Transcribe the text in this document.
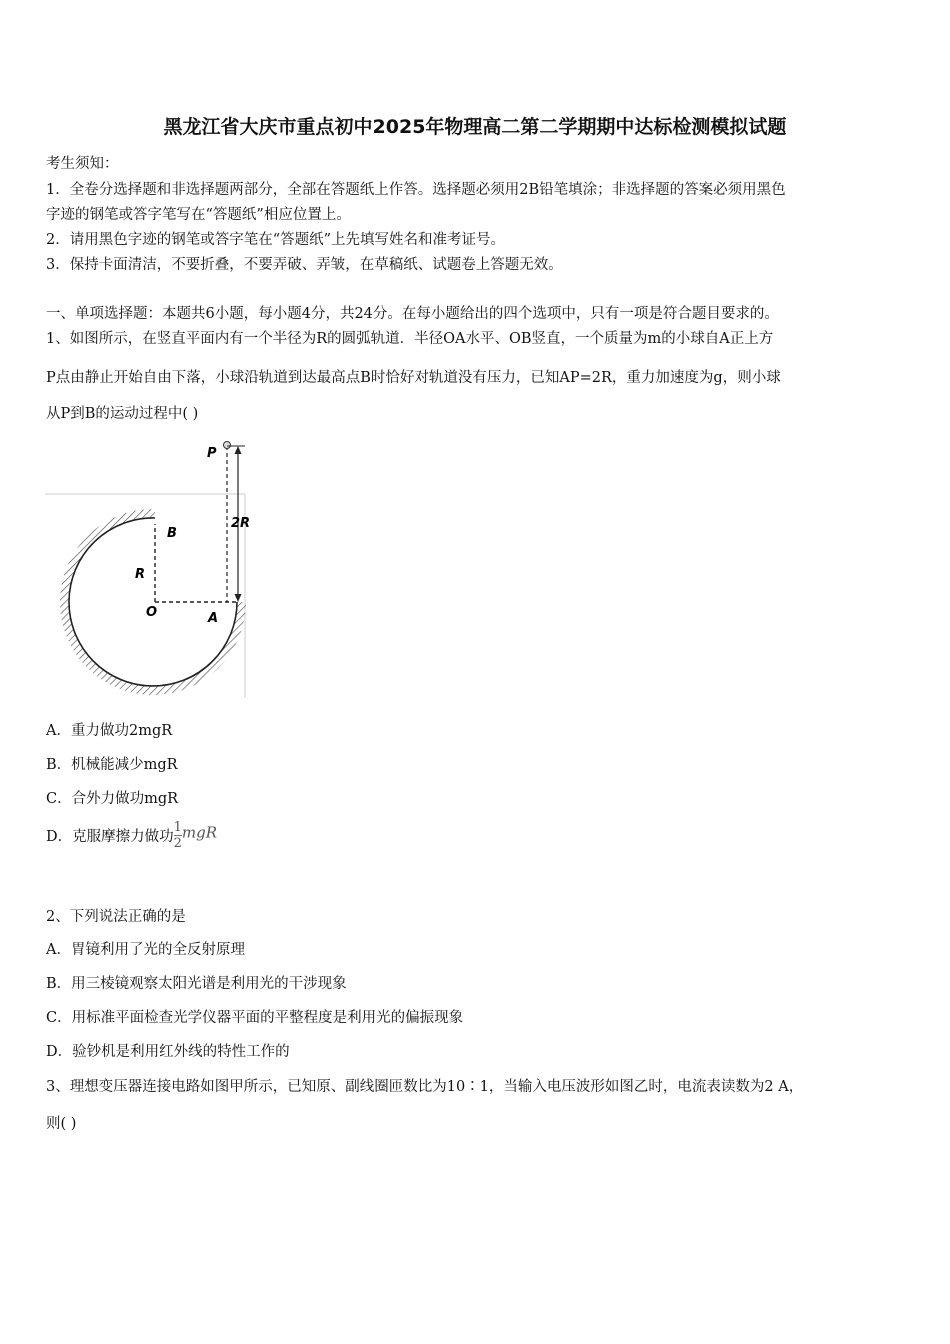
黑龙江省大庆市重点初中2025年物理高二第二学期期中达标检测模拟试题
考生须知：
1．全卷分选择题和非选择题两部分，全部在答题纸上作答。选择题必须用2B铅笔填涂；非选择题的答案必须用黑色
字迹的钢笔或答字笔写在“答题纸”相应位置上。
2．请用黑色字迹的钢笔或答字笔在“答题纸”上先填写姓名和准考证号。
3．保持卡面清洁，不要折叠，不要弄破、弄皱，在草稿纸、试题卷上答题无效。
一、单项选择题：本题共6小题，每小题4分，共24分。在每小题给出的四个选项中，只有一项是符合题目要求的。
1、如图所示，在竖直平面内有一个半径为R的圆弧轨道．半径OA水平、OB竖直，一个质量为m的小球自A正上方
P点由静止开始自由下落，小球沿轨道到达最高点B时恰好对轨道没有压力，已知AP=2R，重力加速度为g，则小球
从P到B的运动过程中( )
P
B
R
2R
O	A
A．重力做功2mgR
B．机械能减少mgR
C．合外力做功mgR
D．克服摩擦力做功 $\frac{1}{2}$ mgR
2、下列说法正确的是
A．胃镜利用了光的全反射原理
B．用三棱镜观察太阳光谱是利用光的干涉现象
C．用标准平面检查光学仪器平面的平整程度是利用光的偏振现象
D．验钞机是利用红外线的特性工作的
3、理想变压器连接电路如图甲所示，已知原、副线圈匝数比为10∶1，当输入电压波形如图乙时，电流表读数为2 A，
则( )
